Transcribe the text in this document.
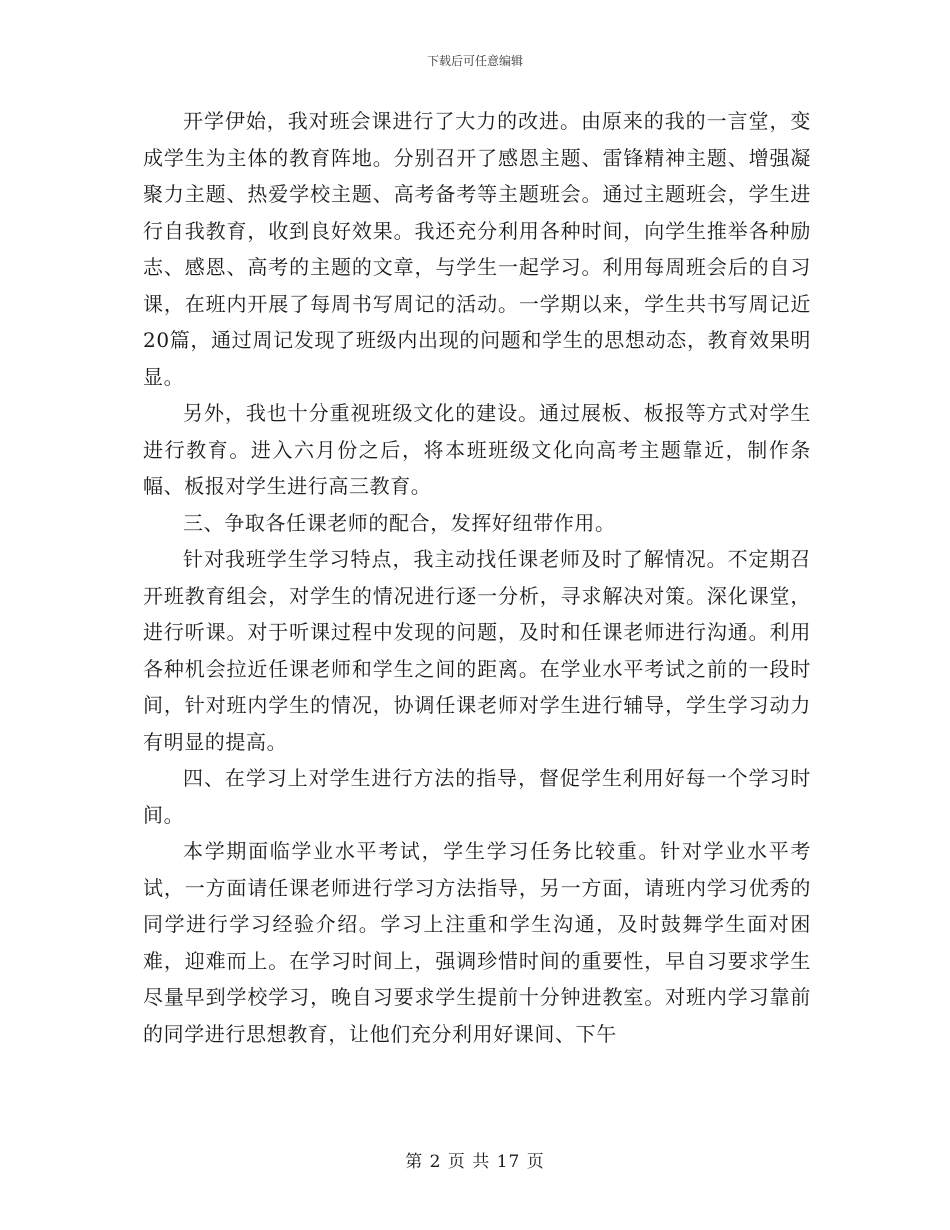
下载后可任意编辑

开学伊始，我对班会课进行了大力的改进。由原来的我的一言堂，变成学生为主体的教育阵地。分别召开了感恩主题、雷锋精神主题、增强凝聚力主题、热爱学校主题、高考备考等主题班会。通过主题班会，学生进行自我教育，收到良好效果。我还充分利用各种时间，向学生推举各种励志、感恩、高考的主题的文章，与学生一起学习。利用每周班会后的自习课，在班内开展了每周书写周记的活动。一学期以来，学生共书写周记近20篇，通过周记发现了班级内出现的问题和学生的思想动态，教育效果明显。

另外，我也十分重视班级文化的建设。通过展板、板报等方式对学生进行教育。进入六月份之后，将本班班级文化向高考主题靠近，制作条幅、板报对学生进行高三教育。

三、争取各任课老师的配合，发挥好纽带作用。

针对我班学生学习特点，我主动找任课老师及时了解情况。不定期召开班教育组会，对学生的情况进行逐一分析，寻求解决对策。深化课堂，进行听课。对于听课过程中发现的问题，及时和任课老师进行沟通。利用各种机会拉近任课老师和学生之间的距离。在学业水平考试之前的一段时间，针对班内学生的情况，协调任课老师对学生进行辅导，学生学习动力有明显的提高。

四、在学习上对学生进行方法的指导，督促学生利用好每一个学习时间。

本学期面临学业水平考试，学生学习任务比较重。针对学业水平考试，一方面请任课老师进行学习方法指导，另一方面，请班内学习优秀的同学进行学习经验介绍。学习上注重和学生沟通，及时鼓舞学生面对困难，迎难而上。在学习时间上，强调珍惜时间的重要性，早自习要求学生尽量早到学校学习，晚自习要求学生提前十分钟进教室。对班内学习靠前的同学进行思想教育，让他们充分利用好课间、下午

第 2 页 共 17 页
